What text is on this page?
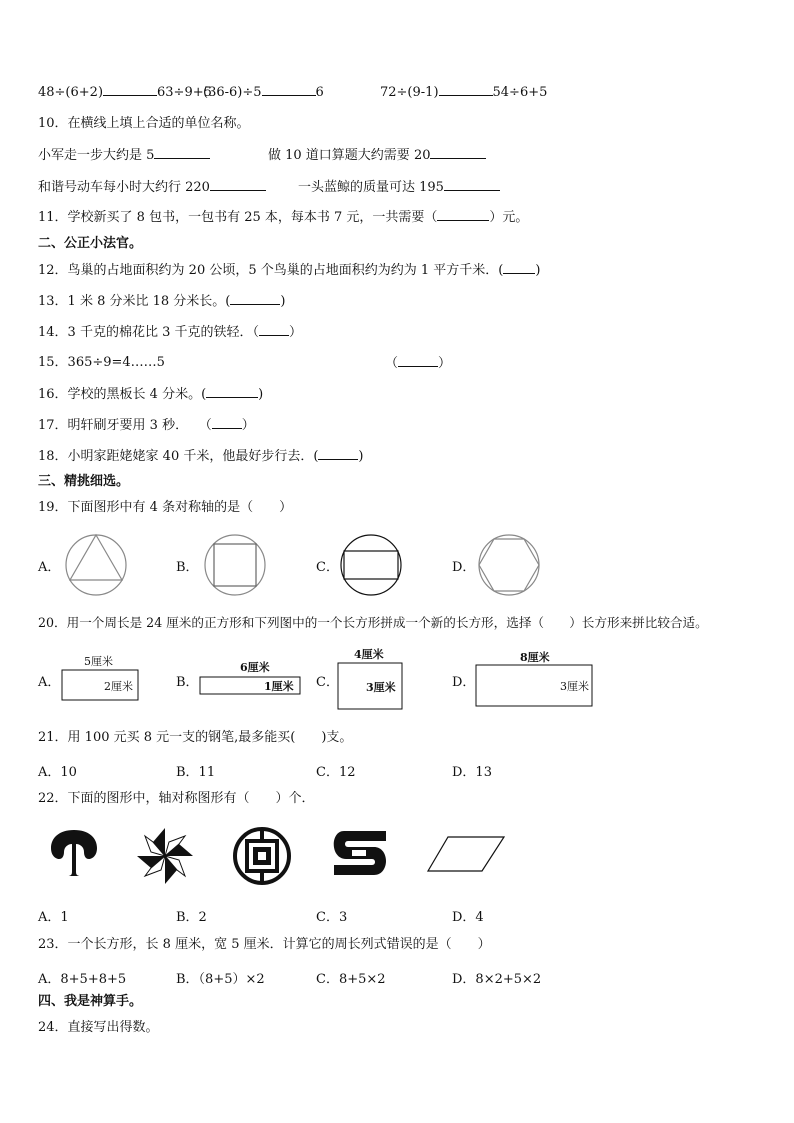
48÷(6+2)	63÷9+5
(36-6)÷5	6	72÷(9-1)	54÷6+5
10．在横线上填上合适的单位名称。
小军走一步大约是 5	做 10 道口算题大约需要 20
和谐号动车每小时大约行 220	一头蓝鲸的质量可达 195
11．学校新买了 8 包书，一包书有 25 本，每本书 7 元，一共需要（	）元。
二、公正小法官。
12．鸟巢的占地面积约为 20 公顷，5 个鸟巢的占地面积约为约为 1 平方千米．( )
13．1 米 8 分米比 18 分米长。(	)
14．3 千克的棉花比 3 千克的铁轻．（ ）
15．365÷9=4……5	（	）
16．学校的黑板长 4 分米。(	)
17．明轩刷牙要用 3 秒．　 （ ）
18．小明家距姥姥家 40 千米，他最好步行去．(	)
三、精挑细选。
19．下面图形中有 4 条对称轴的是（　　）
A．	B．	C．	D．
20．用一个周长是 24 厘米的正方形和下列图中的一个长方形拼成一个新的长方形，选择（　　）长方形来拼比较合适。
A．	B．	C．	D．
5厘米
2厘米
6厘米
1厘米
4厘米
3厘米
8厘米
3厘米
21．用 100 元买 8 元一支的钢笔,最多能买(　　)支。
A．10	B．11	C．12	D．13
22．下面的图形中，轴对称图形有（　　）个．
A．1	B．2	C．3	D．4
23．一个长方形，长 8 厘米，宽 5 厘米．计算它的周长列式错误的是（　　）
A．8+5+8+5	B．（8+5）×2	C．8+5×2	D．8×2+5×2
四、我是神算手。
24．直接写出得数。
